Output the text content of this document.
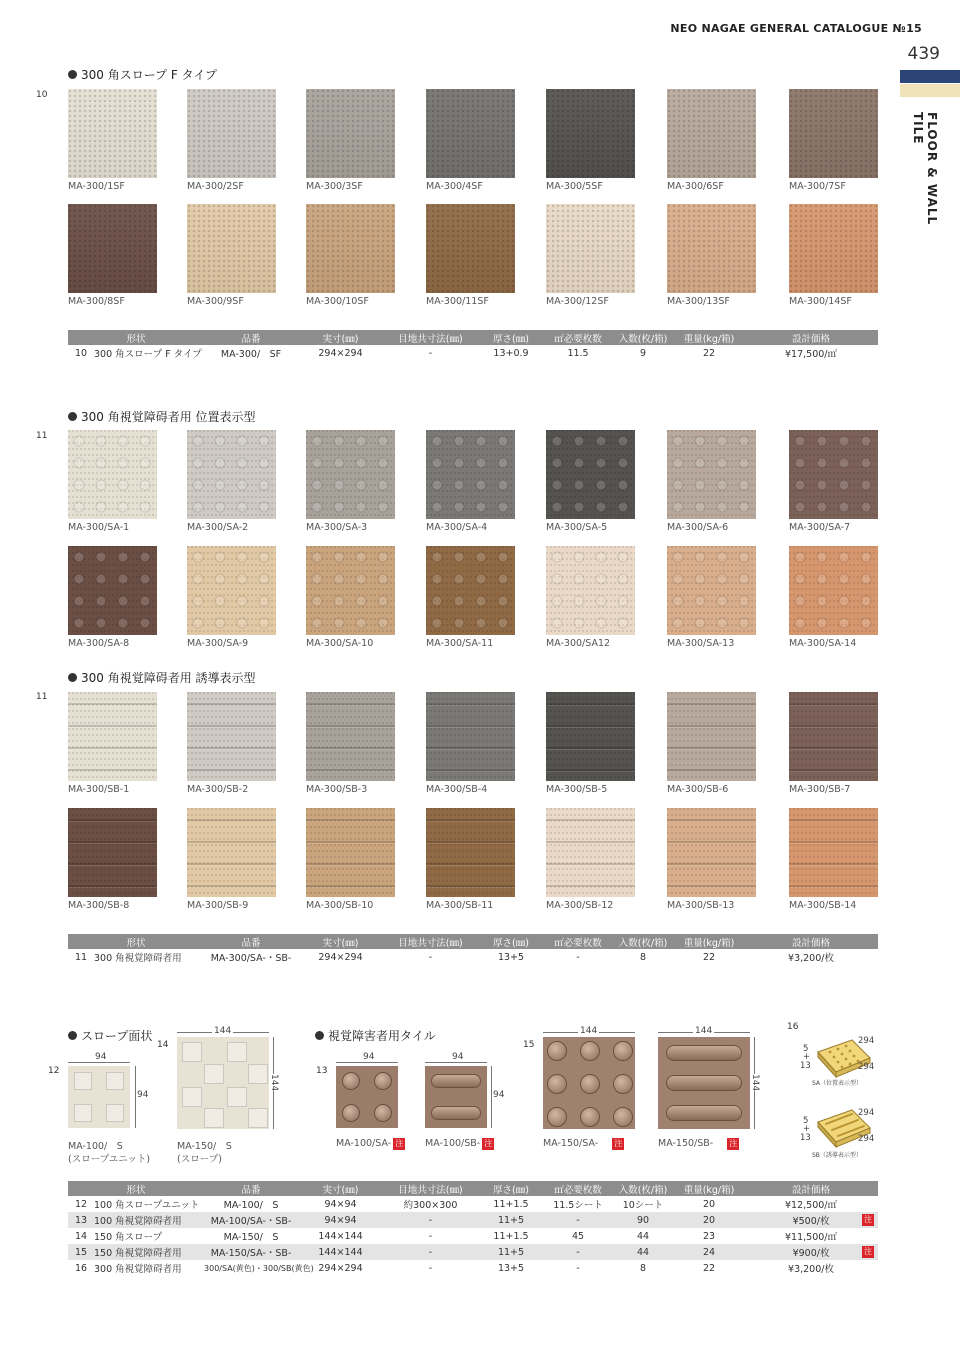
NEO NAGAE GENERAL CATALOGUE №15
439
FLOOR & WALL TILE
300 角スロープ F タイプ
10
MA-300/1SF	MA-300/2SF	MA-300/3SF	MA-300/4SF	MA-300/5SF	MA-300/6SF	MA-300/7SF
MA-300/8SF	MA-300/9SF	MA-300/10SF	MA-300/11SF	MA-300/12SF	MA-300/13SF	MA-300/14SF
形状		品番	実寸(㎜)	目地共寸法(㎜)	厚さ(㎜)	㎡必要枚数	入数(枚/箱)	重量(kg/箱)	設計価格
10	300 角スロープ F タイプ	MA-300/　SF	294×294	-	13+0.9	11.5	9	22	¥17,500/㎡
300 角視覚障碍者用 位置表示型
11
MA-300/SA-1	MA-300/SA-2	MA-300/SA-3	MA-300/SA-4	MA-300/SA-5	MA-300/SA-6	MA-300/SA-7
MA-300/SA-8	MA-300/SA-9	MA-300/SA-10	MA-300/SA-11	MA-300/SA12	MA-300/SA-13	MA-300/SA-14
300 角視覚障碍者用 誘導表示型
11
MA-300/SB-1	MA-300/SB-2	MA-300/SB-3	MA-300/SB-4	MA-300/SB-5	MA-300/SB-6	MA-300/SB-7
MA-300/SB-8	MA-300/SB-9	MA-300/SB-10	MA-300/SB-11	MA-300/SB-12	MA-300/SB-13	MA-300/SB-14
形状		品番	実寸(㎜)	目地共寸法(㎜)	厚さ(㎜)	㎡必要枚数	入数(枚/箱)	重量(kg/箱)	設計価格
11	300 角視覚障碍者用	MA-300/SA-・SB-	294×294	-	13+5	-	8	22	¥3,200/枚
スロープ面状	視覚障害者用タイル
12
94
94
MA-100/　S
(スロープユニット)
14
144
144
MA-150/　S
(スロープ)
13
94	94
94
MA-100/SA- 注 MA-100/SB- 注
15
144	144
144
MA-150/SA- 注	MA-150/SB- 注
16
294
294
5
+
13
SA（位置表示型）
294
294
5
+
13
SB（誘導表示型）
形状		品番	実寸(㎜)	目地共寸法(㎜)	厚さ(㎜)	㎡必要枚数	入数(枚/箱)	重量(kg/箱)	設計価格
12	100 角スロープユニット	MA-100/　S	94×94	約300×300	11+1.5	11.5シート	10シート	20	¥12,500/㎡
13	100 角視覚障碍者用	MA-100/SA-・SB-	94×94	-	11+5	-	90	20	¥500/枚 注

14	150 角スロープ	MA-150/　S	144×144	-	11+1.5	45	44	23	¥11,500/㎡
15	150 角視覚障碍者用	MA-150/SA-・SB-	144×144	-	11+5	-	44	24	¥900/枚 注

16	300 角視覚障碍者用	300/SA(黄色)・300/SB(黄色)	294×294	-	13+5	-	8	22	¥3,200/枚
